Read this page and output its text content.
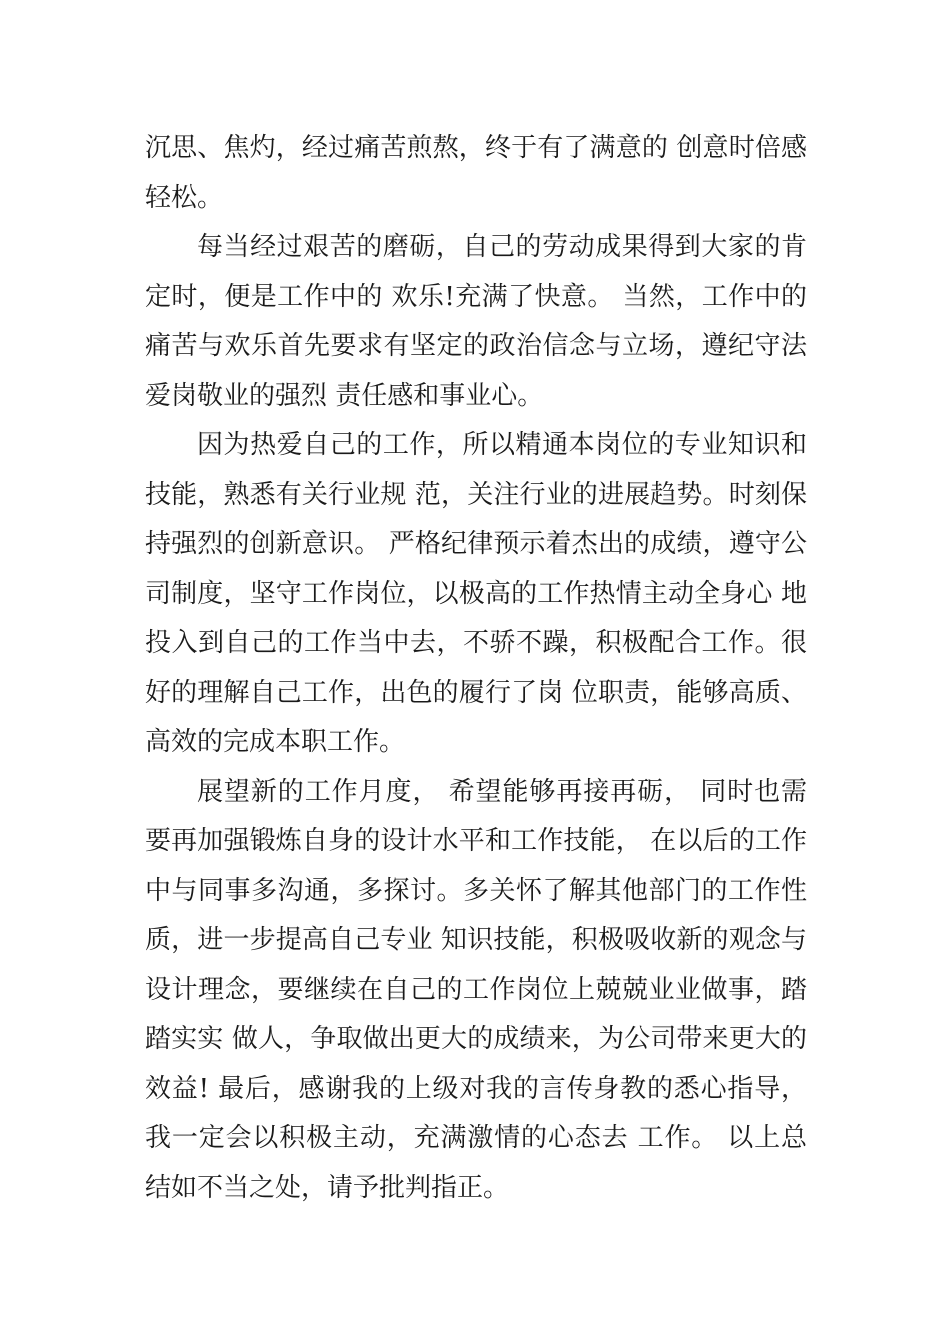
沉思、焦灼，经过痛苦煎熬，终于有了满意的 创意时倍感
轻松。
每当经过艰苦的磨砺，自己的劳动成果得到大家的肯
定时，便是工作中的 欢乐!充满了快意。 当然，工作中的
痛苦与欢乐首先要求有坚定的政治信念与立场，遵纪守法
爱岗敬业的强烈 责任感和事业心。
因为热爱自己的工作，所以精通本岗位的专业知识和
技能，熟悉有关行业规 范，关注行业的进展趋势。时刻保
持强烈的创新意识。 严格纪律预示着杰出的成绩，遵守公
司制度，坚守工作岗位，以极高的工作热情主动全身心 地
投入到自己的工作当中去，不骄不躁，积极配合工作。很
好的理解自己工作，出色的履行了岗 位职责，能够高质、
高效的完成本职工作。
展望新的工作月度， 希望能够再接再砺， 同时也需
要再加强锻炼自身的设计水平和工作技能， 在以后的工作
中与同事多沟通，多探讨。多关怀了解其他部门的工作性
质，进一步提高自己专业 知识技能，积极吸收新的观念与
设计理念，要继续在自己的工作岗位上兢兢业业做事，踏
踏实实 做人，争取做出更大的成绩来，为公司带来更大的
效益! 最后，感谢我的上级对我的言传身教的悉心指导，
我一定会以积极主动，充满激情的心态去 工作。 以上总
结如不当之处，请予批判指正。
